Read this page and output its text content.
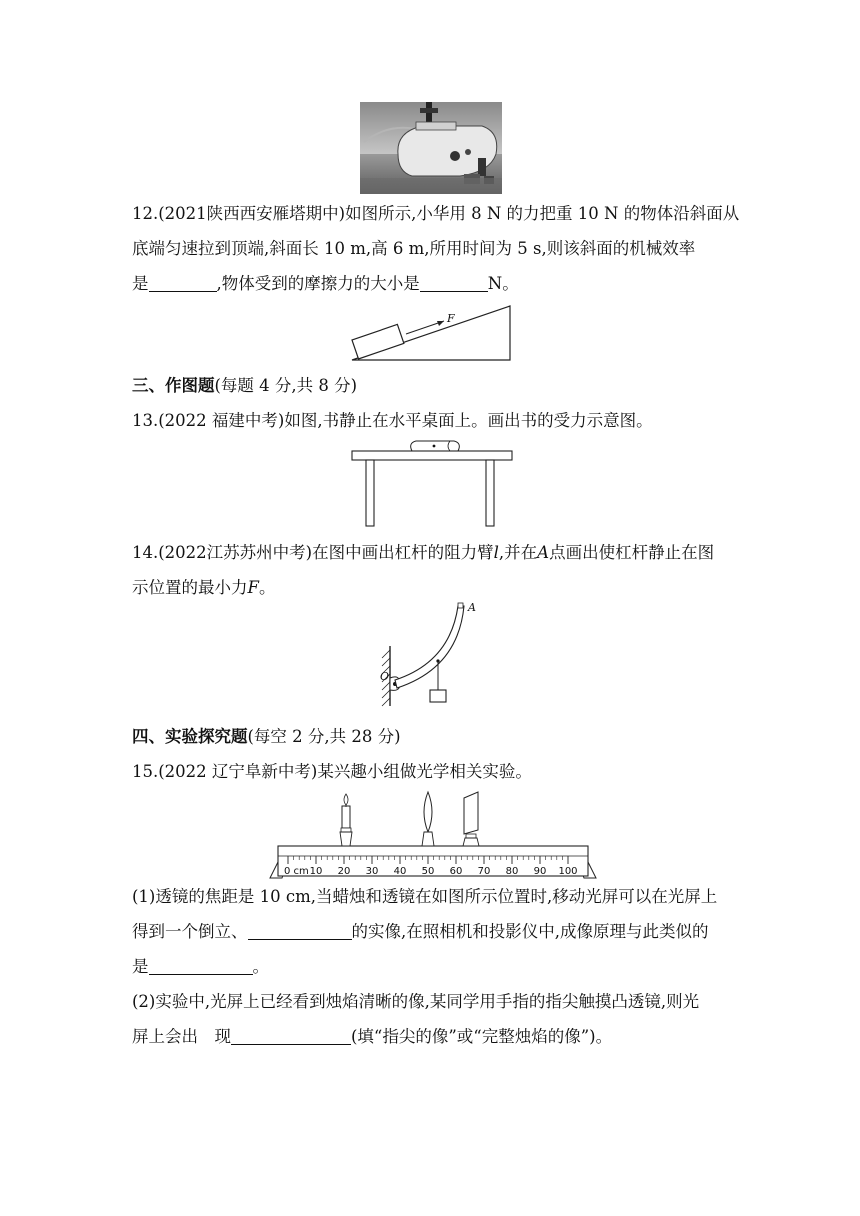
12.(2021陕西西安雁塔期中)如图所示,小华用 8 N 的力把重 10 N 的物体沿斜面从
底端匀速拉到顶端,斜面长 10 m,高 6 m,所用时间为 5 s,则该斜面的机械效率
是	,物体受到的摩擦力的大小是	N。
F
三、作图题(每题 4 分,共 8 分)
13.(2022 福建中考)如图,书静止在水平桌面上。画出书的受力示意图。
14.(2022江苏苏州中考)在图中画出杠杆的阻力臂l,并在A点画出使杠杆静止在图
示位置的最小力F。
A
O
四、实验探究题(每空 2 分,共 28 分)
15.(2022 辽宁阜新中考)某兴趣小组做光学相关实验。
0 cm 10 20 30 40 50 60 70 80 90 100
(1)透镜的焦距是 10 cm,当蜡烛和透镜在如图所示位置时,移动光屏可以在光屏上
得到一个倒立、	的实像,在照相机和投影仪中,成像原理与此类似的
是	。
(2)实验中,光屏上已经看到烛焰清晰的像,某同学用手指的指尖触摸凸透镜,则光
屏上会出　现	(填“指尖的像”或“完整烛焰的像”)。
